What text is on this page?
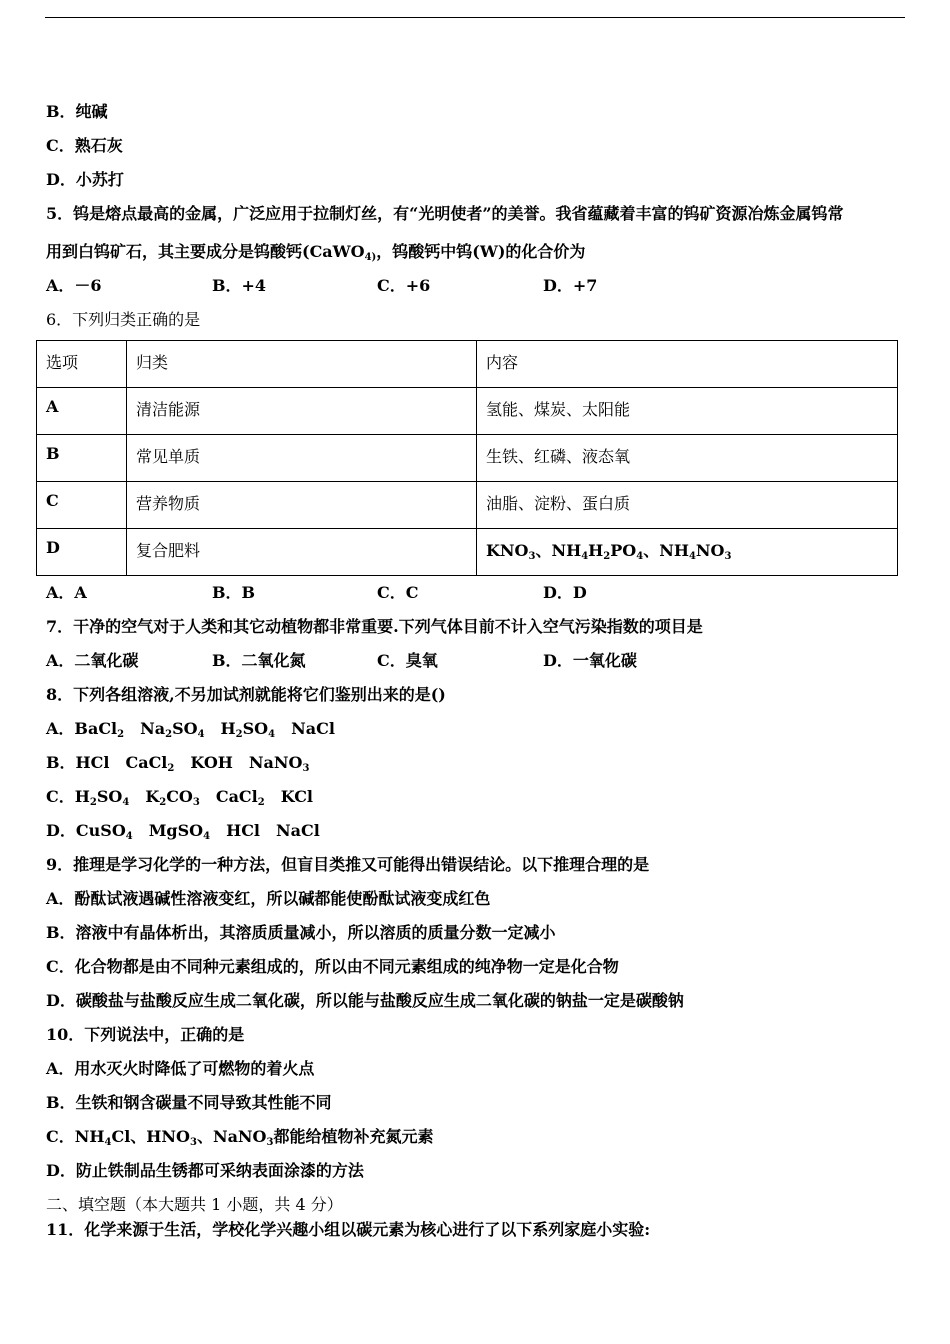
B．纯碱
C．熟石灰
D．小苏打
5．钨是熔点最高的金属，广泛应用于拉制灯丝，有“光明使者”的美誉。我省蕴藏着丰富的钨矿资源冶炼金属钨常
用到白钨矿石，其主要成分是钨酸钙(CaWO$_{4)}$，钨酸钙中钨(W)的化合价为
A．－6	B．+4	C．+6	D．+7
6．下列归类正确的是
选项	归类	内容
A	清洁能源	氢能、煤炭、太阳能
B	常见单质	生铁、红磷、液态氧
C	营养物质	油脂、淀粉、蛋白质
D	复合肥料	$KNO_3$、$NH_4H_2PO_4$、$NH_4NO_3$
A．A	B．B	C．C	D．D
7．干净的空气对于人类和其它动植物都非常重要.下列气体目前不计入空气污染指数的项目是
A．二氧化碳	B．二氧化氮	C．臭氧	D．一氧化碳
8．下列各组溶液,不另加试剂就能将它们鉴别出来的是()
A．BaCl$_2$ $Na_2SO_4$ $H_2SO_4$ NaCl
B．HCl CaCl$_2$ KOH NaNO$_3$
C．$H_2SO_4$ $K_2CO_3$ CaCl$_2$ KCl
D．CuSO$_4$ MgSO$_4$ HCl NaCl
9．推理是学习化学的一种方法，但盲目类推又可能得出错误结论。以下推理合理的是
A．酚酞试液遇碱性溶液变红，所以碱都能使酚酞试液变成红色
B．溶液中有晶体析出，其溶质质量减小，所以溶质的质量分数一定减小
C．化合物都是由不同种元素组成的，所以由不同元素组成的纯净物一定是化合物
D．碳酸盐与盐酸反应生成二氧化碳，所以能与盐酸反应生成二氧化碳的钠盐一定是碳酸钠
10．下列说法中，正确的是
A．用水灭火时降低了可燃物的着火点
B．生铁和钢含碳量不同导致其性能不同
C．$NH_4Cl$、$HNO_3$、NaNO$_3$都能给植物补充氮元素
D．防止铁制品生锈都可采纳表面涂漆的方法
二、填空题（本大题共 1 小题，共 4 分）
11．化学来源于生活，学校化学兴趣小组以碳元素为核心进行了以下系列家庭小实验:
